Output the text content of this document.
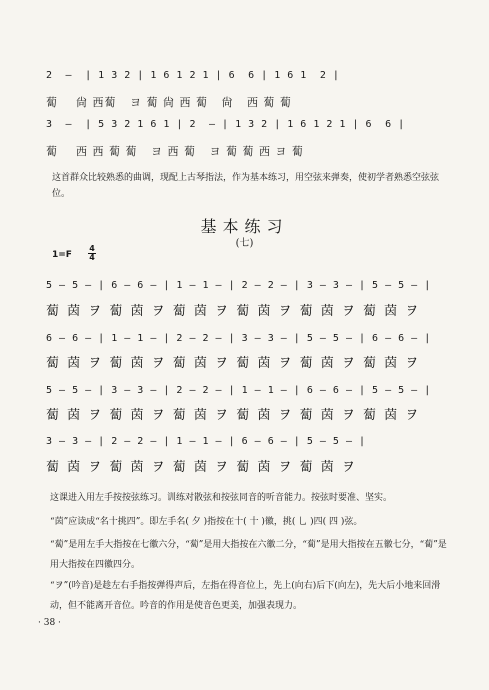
2  —  | 1 3 2 | 1 6 1 2 1 | 6  6 | 1 6 1  2 |
蔔    尙 西蔔   ヨ 蔔 尙 西 蔔   尙   西 蔔 蔔
3  —  | 5 3 2 1 6 1 | 2  — | 1 3 2 | 1 6 1 2 1 | 6  6 |
蔔    西 西 蔔 蔔   ヨ 西 蔔   ヨ 蔔 蔔 西 ヨ 蔔
这首群众比较熟悉的曲调，现配上古琴指法，作为基本练习，用空弦来弹奏，使初学者熟悉空弦弦位。
基本练习
(七)
1=F
4
4
5 — 5 — | 6 — 6 — | 1 — 1 — | 2 — 2 — | 3 — 3 — | 5 — 5 — |
蔔 茵 ヲ 蔔 茵 ヲ 蔔 茵 ヲ 蔔 茵 ヲ 蔔 茵 ヲ 蔔 茵 ヲ
6 — 6 — | 1 — 1 — | 2 — 2 — | 3 — 3 — | 5 — 5 — | 6 — 6 — |
蔔 茵 ヲ 蔔 茵 ヲ 蔔 茵 ヲ 蔔 茵 ヲ 蔔 茵 ヲ 蔔 茵 ヲ
5 — 5 — | 3 — 3 — | 2 — 2 — | 1 — 1 — | 6 — 6 — | 5 — 5 — |
蔔 茵 ヲ 蔔 茵 ヲ 蔔 茵 ヲ 蔔 茵 ヲ 蔔 茵 ヲ 蔔 茵 ヲ
3 — 3 — | 2 — 2 — | 1 — 1 — | 6 — 6 — | 5 — 5 — |
蔔 茵 ヲ 蔔 茵 ヲ 蔔 茵 ヲ 蔔 茵 ヲ 蔔 茵 ヲ
这课进入用左手按按弦练习。训练对散弦和按弦同音的听音能力。按弦时要准、坚实。
“茵”应读成“名十挑四”。即左手名( 夕 )指按在十( 十 )徽，挑( 乚 )四( 四 )弦。
“蔔”是用左手大指按在七徽六分，“蔔”是用大指按在六徽二分，“蔔”是用大指按在五徽七分，“蔔”是用大指按在四徽四分。
“ヲ”(吟音)是趁左右手指按弹得声后，左指在得音位上，先上(向右)后下(向左)，先大后小地来回滑动，但不能离开音位。吟音的作用是使音色更美，加强表现力。
· 38 ·
